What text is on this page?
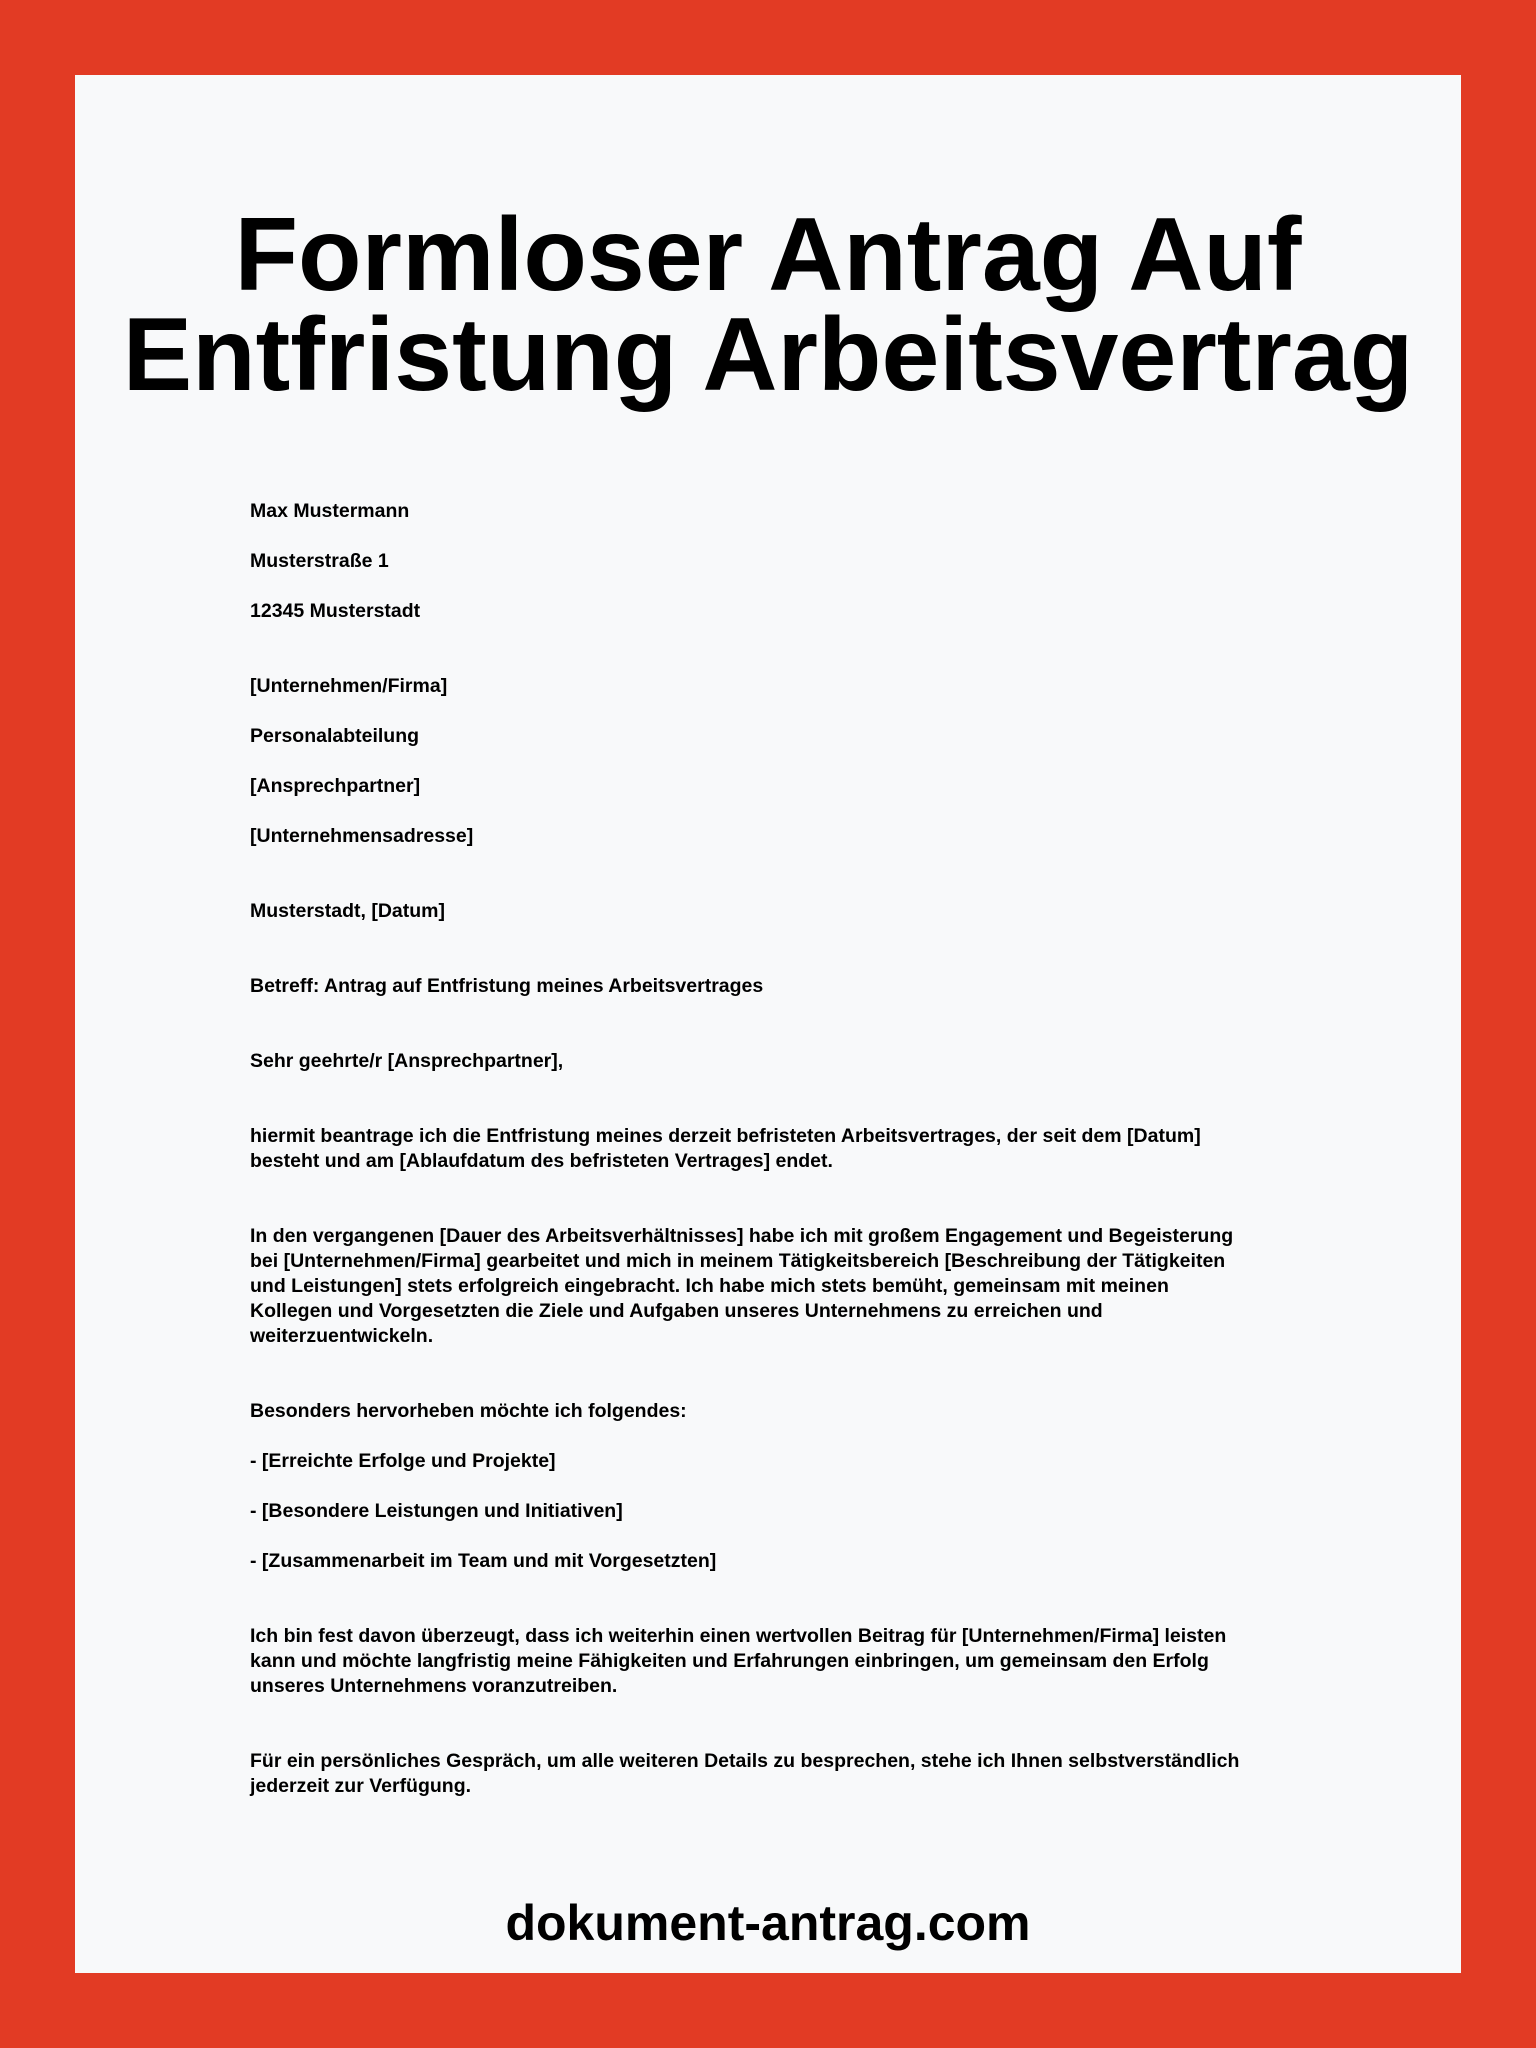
Formloser Antrag Auf
Entfristung Arbeitsvertrag
Max Mustermann
Musterstraße 1
12345 Musterstadt
[Unternehmen/Firma]
Personalabteilung
[Ansprechpartner]
[Unternehmensadresse]
Musterstadt, [Datum]
Betreff: Antrag auf Entfristung meines Arbeitsvertrages
Sehr geehrte/r [Ansprechpartner],
hiermit beantrage ich die Entfristung meines derzeit befristeten Arbeitsvertrages, der seit dem [Datum]
besteht und am [Ablaufdatum des befristeten Vertrages] endet.
In den vergangenen [Dauer des Arbeitsverhältnisses] habe ich mit großem Engagement und Begeisterung
bei [Unternehmen/Firma] gearbeitet und mich in meinem Tätigkeitsbereich [Beschreibung der Tätigkeiten
und Leistungen] stets erfolgreich eingebracht. Ich habe mich stets bemüht, gemeinsam mit meinen
Kollegen und Vorgesetzten die Ziele und Aufgaben unseres Unternehmens zu erreichen und
weiterzuentwickeln.
Besonders hervorheben möchte ich folgendes:
- [Erreichte Erfolge und Projekte]
- [Besondere Leistungen und Initiativen]
- [Zusammenarbeit im Team und mit Vorgesetzten]
Ich bin fest davon überzeugt, dass ich weiterhin einen wertvollen Beitrag für [Unternehmen/Firma] leisten
kann und möchte langfristig meine Fähigkeiten und Erfahrungen einbringen, um gemeinsam den Erfolg
unseres Unternehmens voranzutreiben.
Für ein persönliches Gespräch, um alle weiteren Details zu besprechen, stehe ich Ihnen selbstverständlich
jederzeit zur Verfügung.
dokument-antrag.com
